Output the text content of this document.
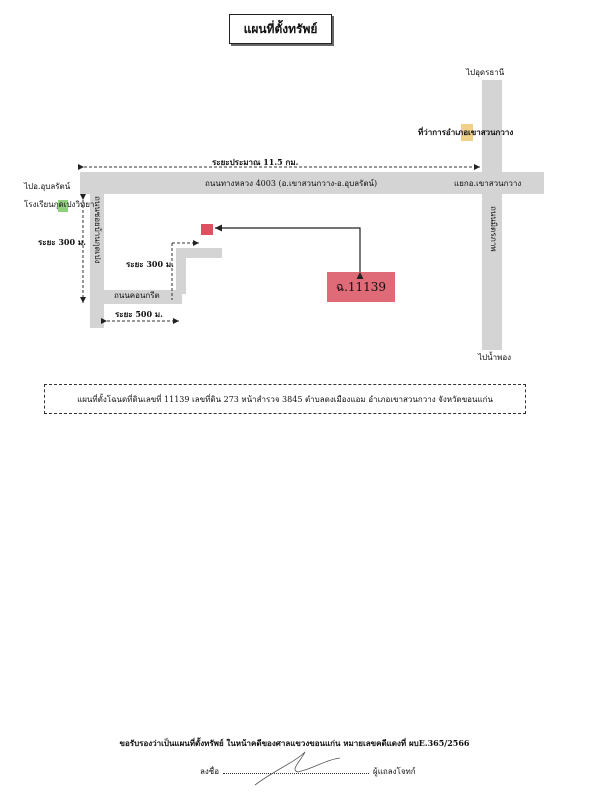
แผนที่ตั้งทรัพย์
ฉ.11139
ไปอุดรธานี
ที่ว่าการอำเภอเขาสวนกวาง
ระยะประมาณ 11.5 กม.
ถนนทางหลวง 4003 (อ.เขาสวนกวาง-อ.อุบลรัตน์)	แยกอ.เขาสวนกวาง
ไปอ.อุบลรัตน์
โรงเรียนกุดเปงวิทยา
ระยะ 300 ม.
ระยะ 300 ม.
ถนนคอนกรีต
ระยะ 500 ม.
ไปน้ำพอง
ถนนซอยบ้านกุดเปง	ถนนมิตรภาพ
แผนที่ตั้งโฉนดที่ดินเลขที่ 11139 เลขที่ดิน 273 หน้าสำรวจ 3845 ตำบลดงเมืองแอม อำเภอเขาสวนกวาง จังหวัดขอนแก่น
ขอรับรองว่าเป็นแผนที่ตั้งทรัพย์ ในหน้าคดีของศาลแขวงขอนแก่น หมายเลขคดีแดงที่ ผบE.365/2566
ลงชื่อ	ผู้แถลงโจทก์
